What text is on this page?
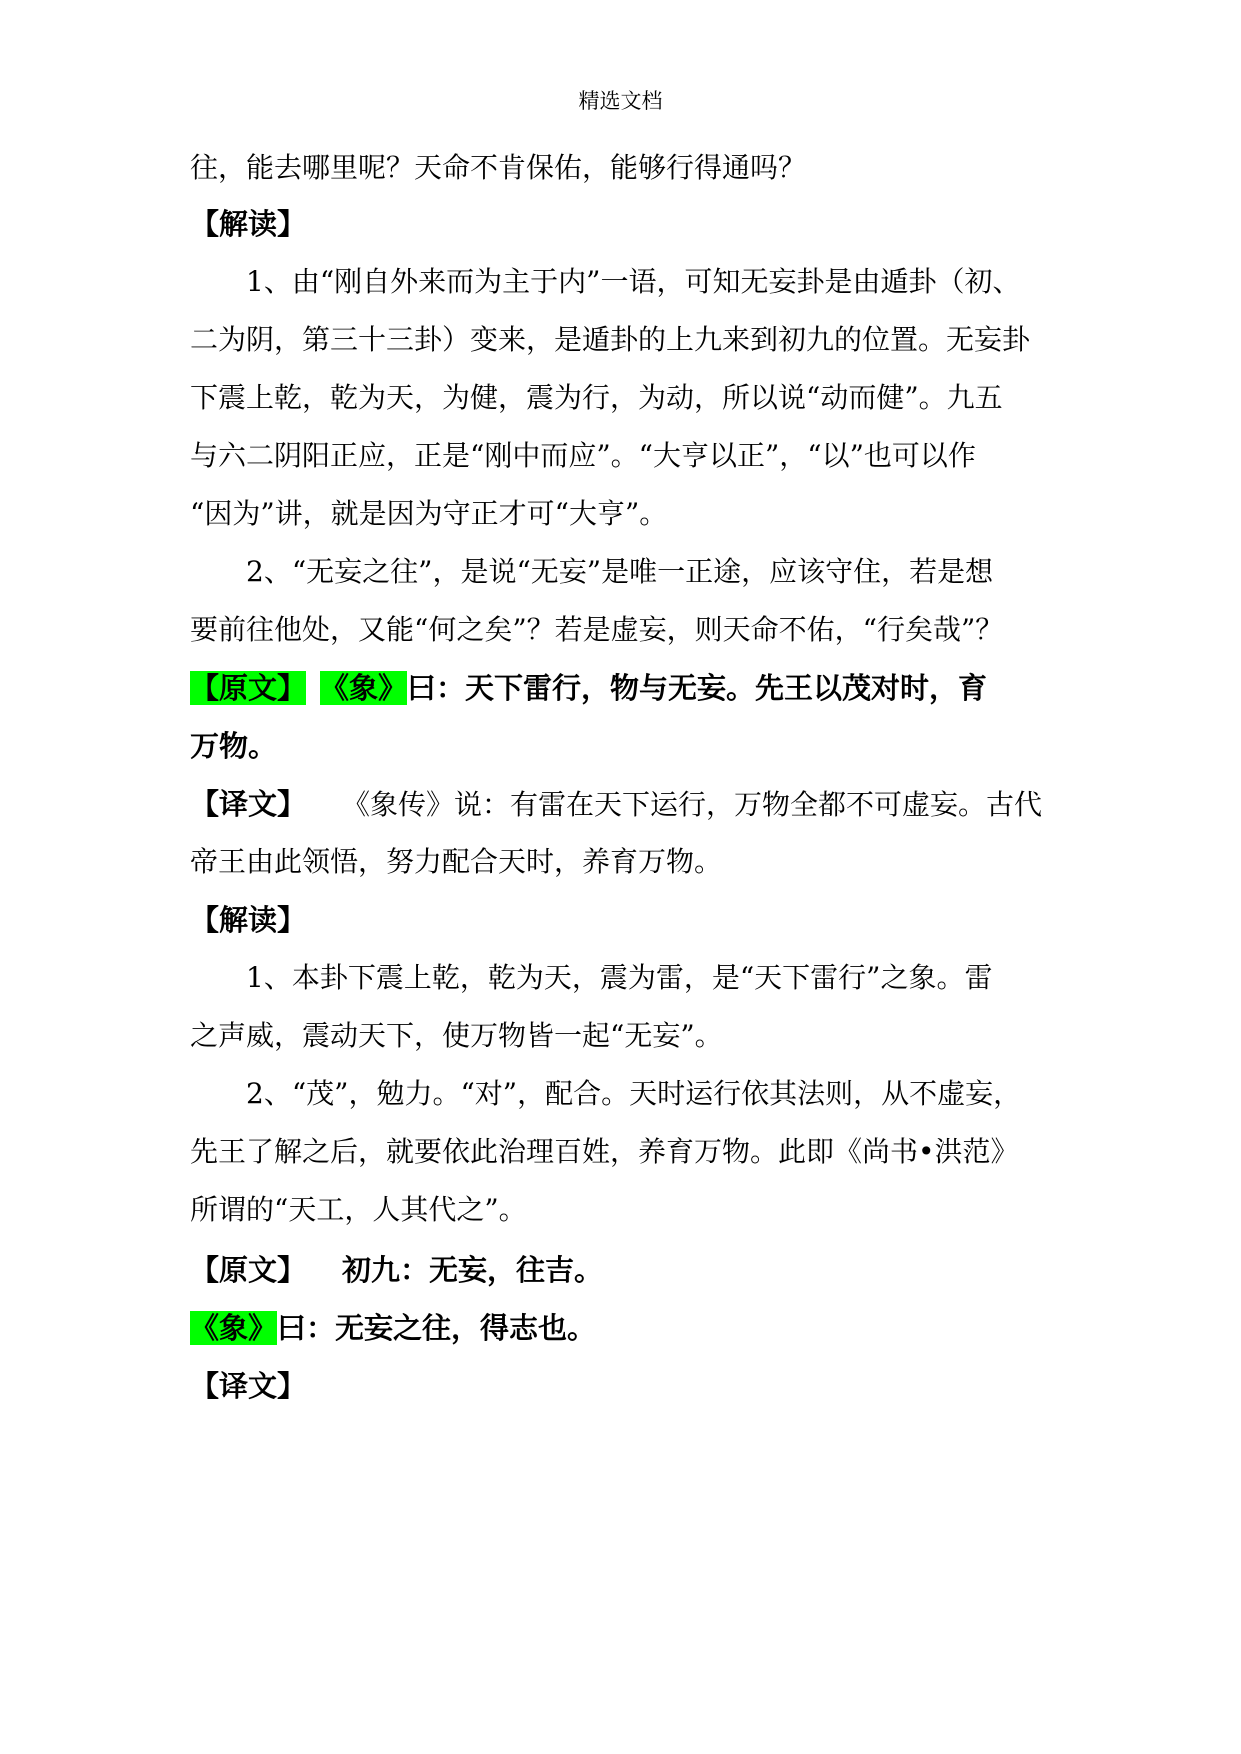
精选文档
往，能去哪里呢？天命不肯保佑，能够行得通吗？
【解读】
1、由“刚自外来而为主于内”一语，可知无妄卦是由遁卦（初、
二为阴，第三十三卦）变来，是遁卦的上九来到初九的位置。无妄卦
下震上乾，乾为天，为健，震为行，为动，所以说“动而健”。九五
与六二阴阳正应，正是“刚中而应”。“大亨以正”，“以”也可以作
“因为”讲，就是因为守正才可“大亨”。
2、“无妄之往”，是说“无妄”是唯一正途，应该守住，若是想
要前往他处，又能“何之矣”？若是虚妄，则天命不佑，“行矣哉”？
【原文】 《象》曰：天下雷行，物与无妄。先王以茂对时，育
万物。
【译文】 《象传》说：有雷在天下运行，万物全都不可虚妄。古代
帝王由此领悟，努力配合天时，养育万物。
【解读】
1、本卦下震上乾，乾为天，震为雷，是“天下雷行”之象。雷
之声威，震动天下，使万物皆一起“无妄”。
2、“茂”，勉力。“对”，配合。天时运行依其法则，从不虚妄，
先王了解之后，就要依此治理百姓，养育万物。此即《尚书•洪范》
所谓的“天工，人其代之”。
【原文】 初九：无妄，往吉。
《象》曰：无妄之往，得志也。
【译文】
